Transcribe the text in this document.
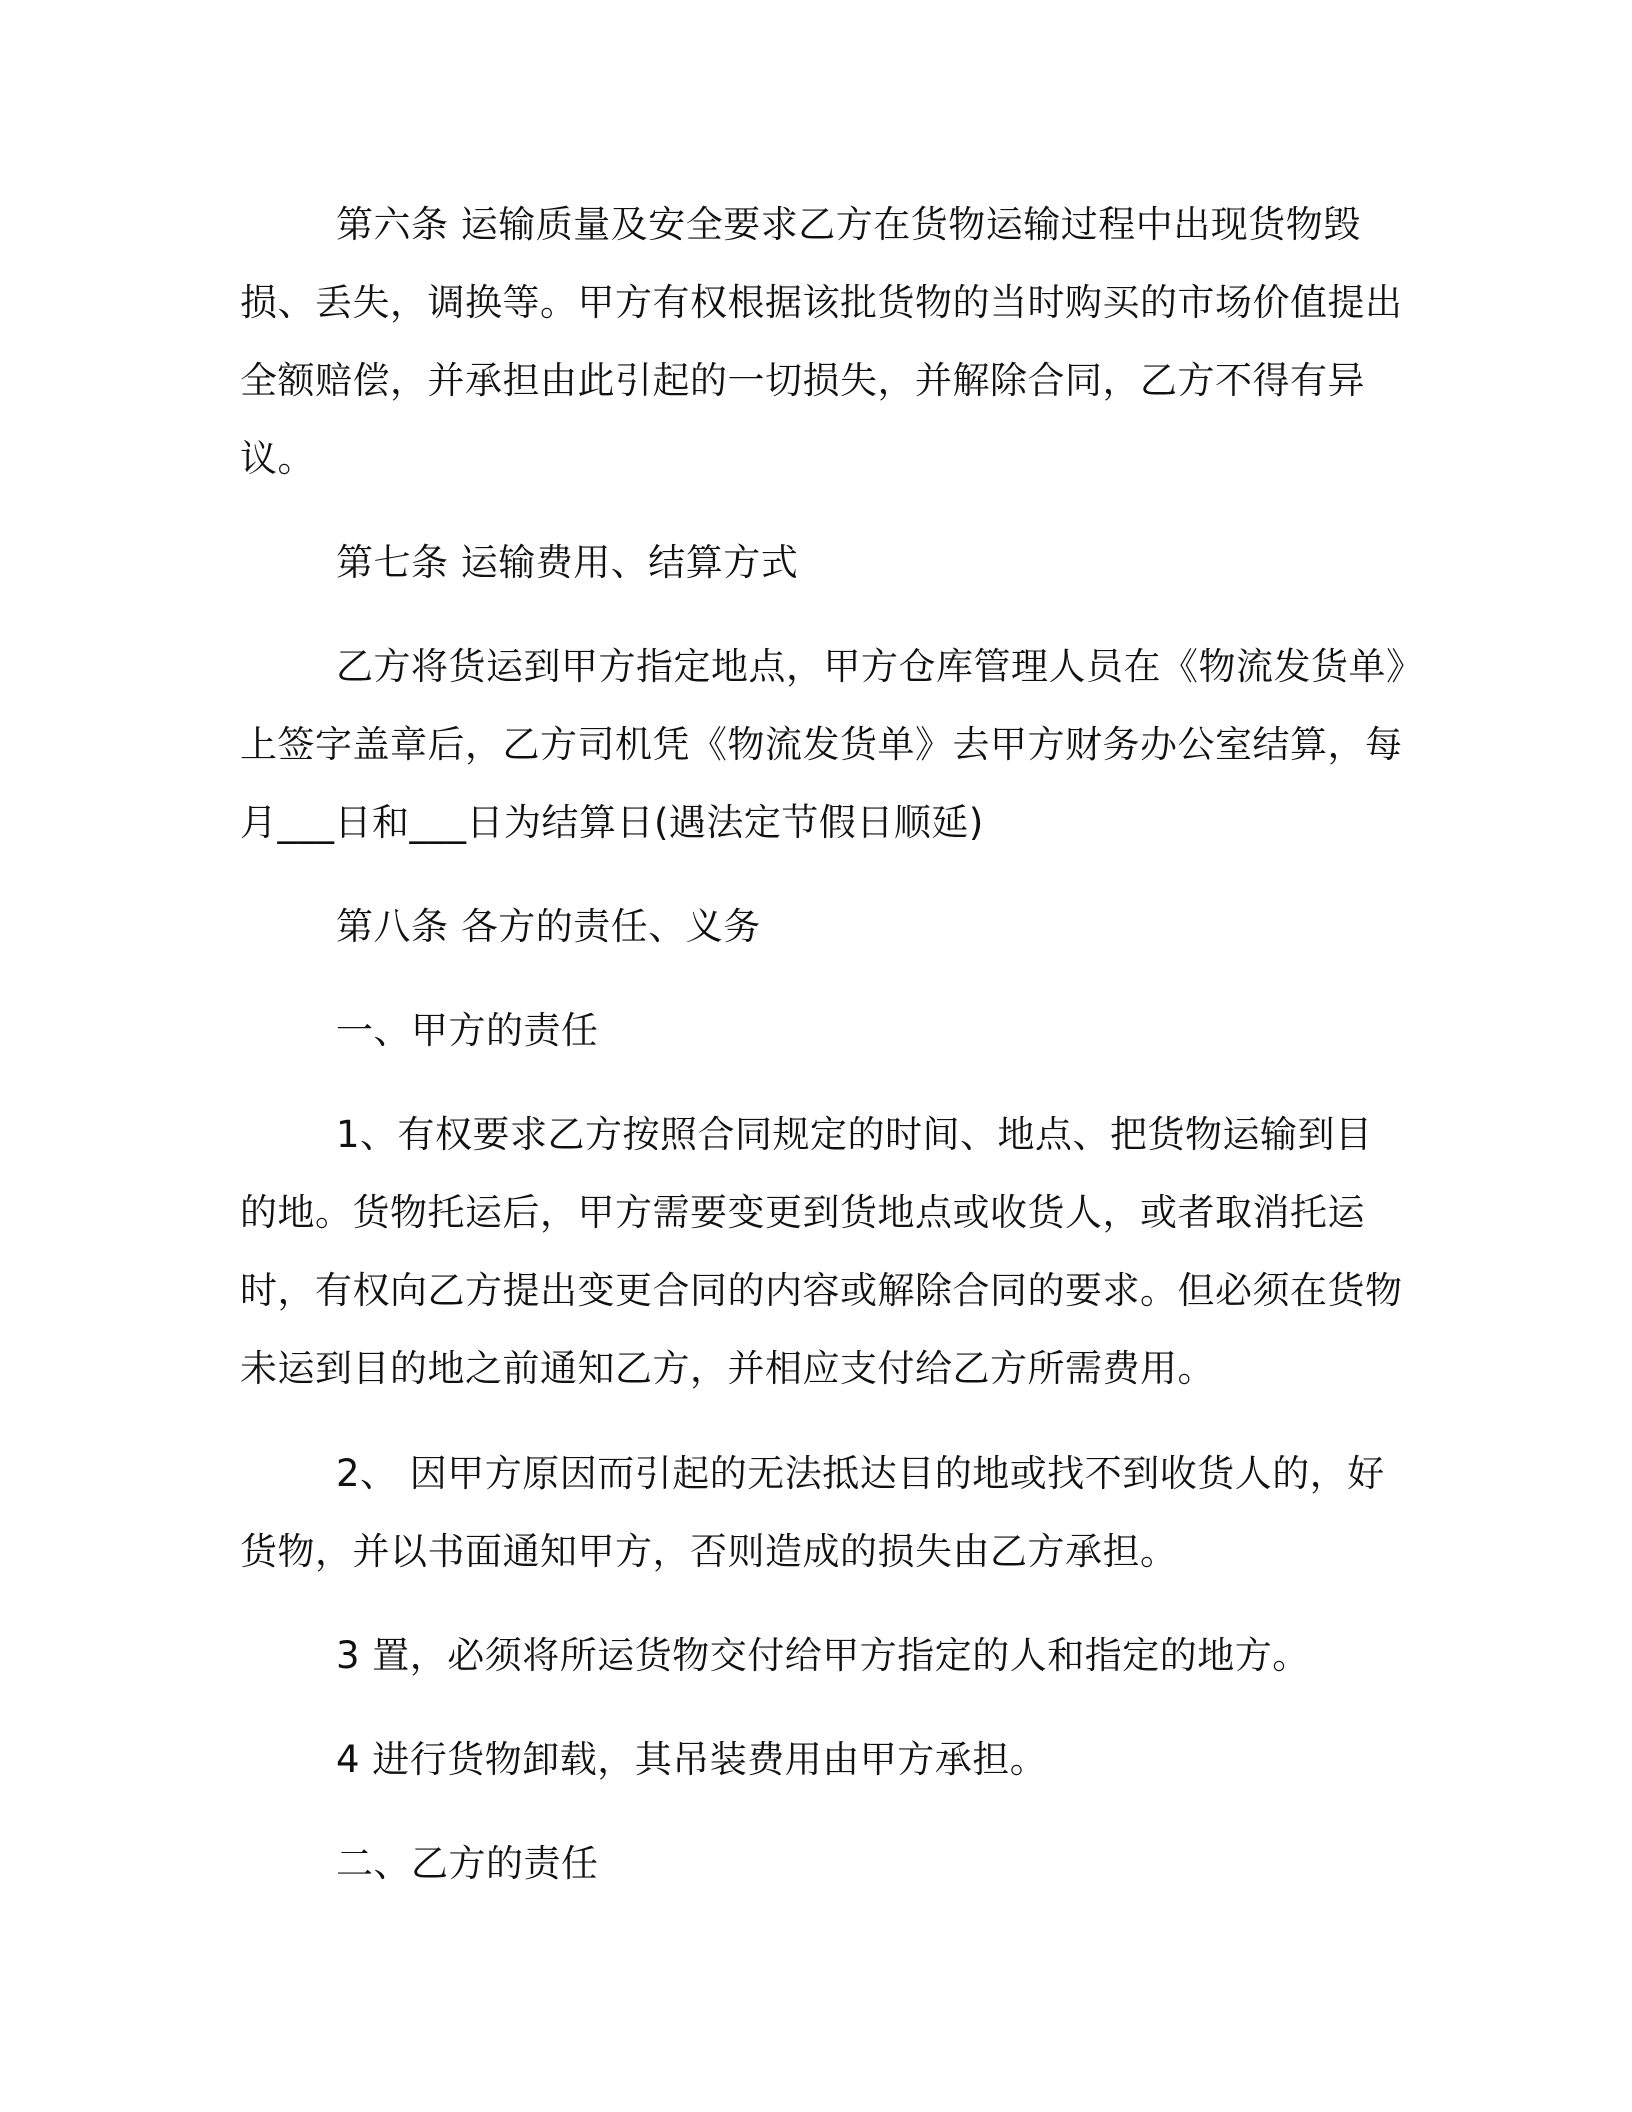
第六条 运输质量及安全要求乙方在货物运输过程中出现货物毁损、丢失，调换等。甲方有权根据该批货物的当时购买的市场价值提出全额赔偿，并承担由此引起的一切损失，并解除合同，乙方不得有异议。

第七条 运输费用、结算方式

乙方将货运到甲方指定地点，甲方仓库管理人员在《物流发货单》上签字盖章后，乙方司机凭《物流发货单》去甲方财务办公室结算，每月___日和___日为结算日(遇法定节假日顺延)

第八条 各方的责任、义务

一、甲方的责任

1、有权要求乙方按照合同规定的时间、地点、把货物运输到目的地。货物托运后，甲方需要变更到货地点或收货人，或者取消托运时，有权向乙方提出变更合同的内容或解除合同的要求。但必须在货物未运到目的地之前通知乙方，并相应支付给乙方所需费用。

2、 因甲方原因而引起的无法抵达目的地或找不到收货人的，好货物，并以书面通知甲方，否则造成的损失由乙方承担。

3 置，必须将所运货物交付给甲方指定的人和指定的地方。

4 进行货物卸载，其吊装费用由甲方承担。

二、乙方的责任
